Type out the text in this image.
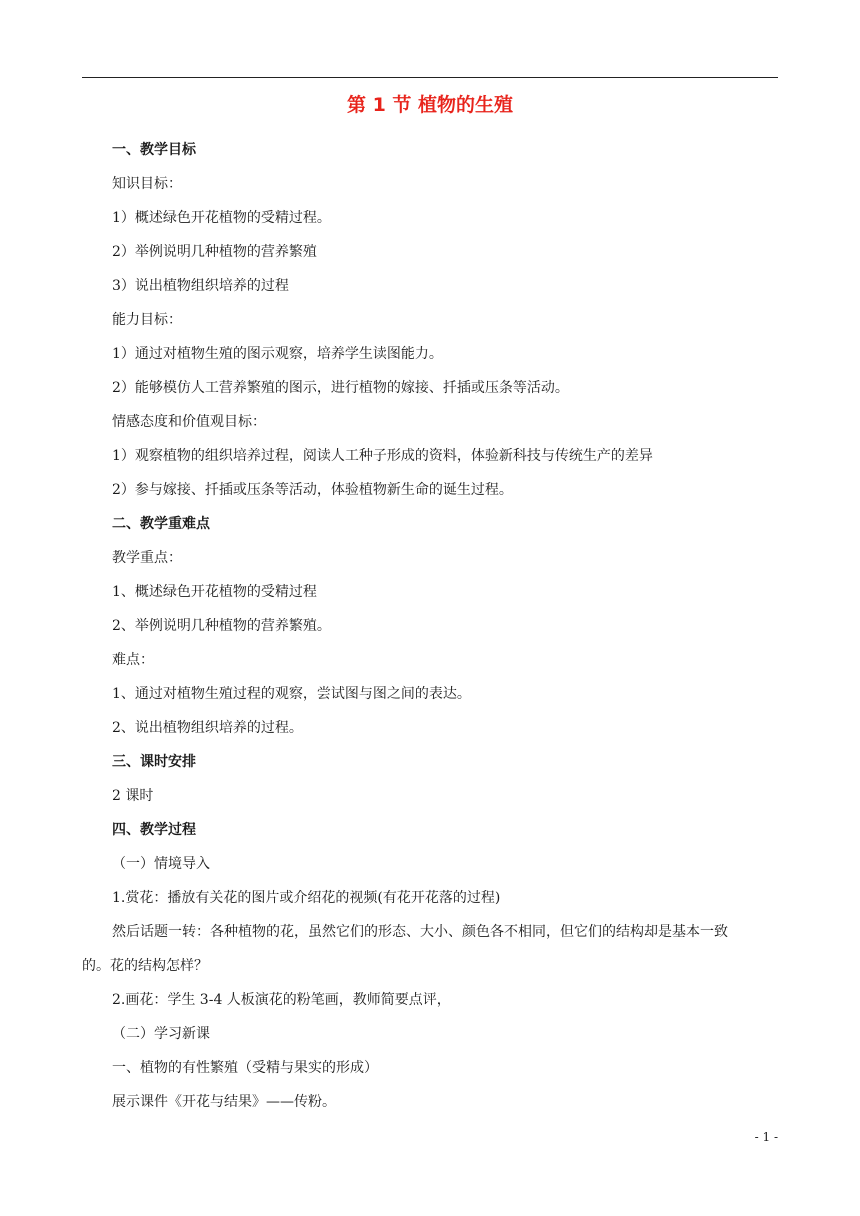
第 1 节 植物的生殖
一、教学目标
知识目标：
1）概述绿色开花植物的受精过程。
2）举例说明几种植物的营养繁殖
3）说出植物组织培养的过程
能力目标：
1）通过对植物生殖的图示观察，培养学生读图能力。
2）能够模仿人工营养繁殖的图示，进行植物的嫁接、扦插或压条等活动。
情感态度和价值观目标：
1）观察植物的组织培养过程，阅读人工种子形成的资料，体验新科技与传统生产的差异
2）参与嫁接、扦插或压条等活动，体验植物新生命的诞生过程。
二、教学重难点
教学重点：
1、概述绿色开花植物的受精过程
2、举例说明几种植物的营养繁殖。
难点：
1、通过对植物生殖过程的观察，尝试图与图之间的表达。
2、说出植物组织培养的过程。
三、课时安排
2 课时
四、教学过程
（一）情境导入
1.赏花：播放有关花的图片或介绍花的视频(有花开花落的过程)
然后话题一转：各种植物的花，虽然它们的形态、大小、颜色各不相同，但它们的结构却是基本一致
的。花的结构怎样？
2.画花：学生 3-4 人板演花的粉笔画，教师简要点评，
（二）学习新课
一、植物的有性繁殖（受精与果实的形成）
展示课件《开花与结果》——传粉。
- 1 -
